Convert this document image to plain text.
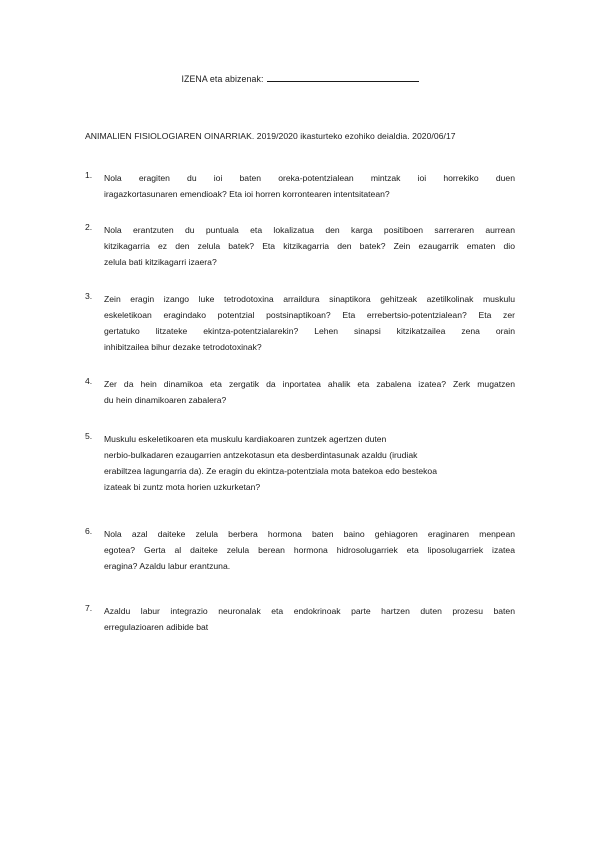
IZENA eta abizenak:
ANIMALIEN FISIOLOGIAREN OINARRIAK. 2019/2020 ikasturteko ezohiko deialdia. 2020/06/17
1.	Nola eragiten du ioi baten oreka-potentzialean mintzak ioi horrekiko duen
iragazkortasunaren emendioak? Eta ioi horren korrontearen intentsitatean?
2.	Nola erantzuten du puntuala eta lokalizatua den karga positiboen sarreraren aurrean
kitzikagarria ez den zelula batek? Eta kitzikagarria den batek? Zein ezaugarrik ematen dio
zelula bati kitzikagarri izaera?
3.	Zein eragin izango luke tetrodotoxina arraildura sinaptikora gehitzeak azetilkolinak muskulu
eskeletikoan eragindako potentzial postsinaptikoan? Eta errebertsio-potentzialean? Eta zer
gertatuko litzateke ekintza-potentzialarekin? Lehen sinapsi kitzikatzailea zena orain
inhibitzailea bihur dezake tetrodotoxinak?
4.	Zer da hein dinamikoa eta zergatik da inportatea ahalik eta zabalena izatea? Zerk mugatzen
du hein dinamikoaren zabalera?
5.	Muskulu eskeletikoaren eta muskulu kardiakoaren zuntzek agertzen duten
nerbio-bulkadaren ezaugarrien antzekotasun eta desberdintasunak azaldu (irudiak
erabiltzea lagungarria da). Ze eragin du ekintza-potentziala mota batekoa edo bestekoa
izateak bi zuntz mota horien uzkurketan?
6.	Nola azal daiteke zelula berbera hormona baten baino gehiagoren eraginaren menpean
egotea? Gerta al daiteke zelula berean hormona hidrosolugarriek eta liposolugarriek izatea
eragina? Azaldu labur erantzuna.
7.	Azaldu labur integrazio neuronalak eta endokrinoak parte hartzen duten prozesu baten
erregulazioaren adibide bat
